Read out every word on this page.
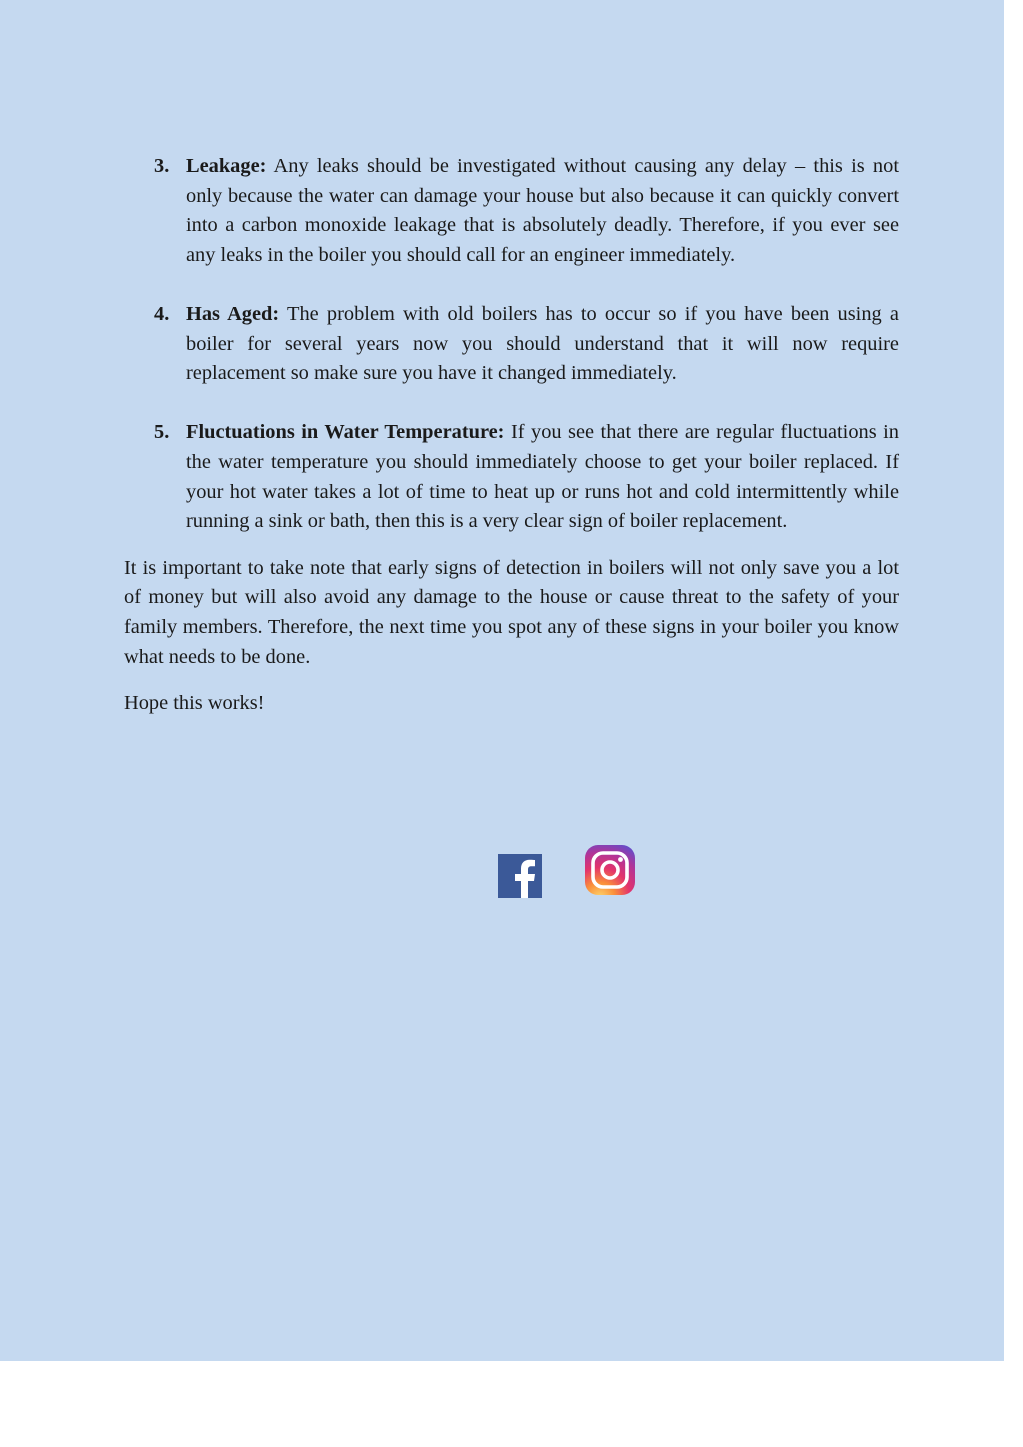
3. Leakage: Any leaks should be investigated without causing any delay – this is not only because the water can damage your house but also because it can quickly convert into a carbon monoxide leakage that is absolutely deadly. Therefore, if you ever see any leaks in the boiler you should call for an engineer immediately.
4. Has Aged: The problem with old boilers has to occur so if you have been using a boiler for several years now you should understand that it will now require replacement so make sure you have it changed immediately.
5. Fluctuations in Water Temperature: If you see that there are regular fluctuations in the water temperature you should immediately choose to get your boiler replaced. If your hot water takes a lot of time to heat up or runs hot and cold intermittently while running a sink or bath, then this is a very clear sign of boiler replacement.

It is important to take note that early signs of detection in boilers will not only save you a lot of money but will also avoid any damage to the house or cause threat to the safety of your family members. Therefore, the next time you spot any of these signs in your boiler you know what needs to be done.

Hope this works!
